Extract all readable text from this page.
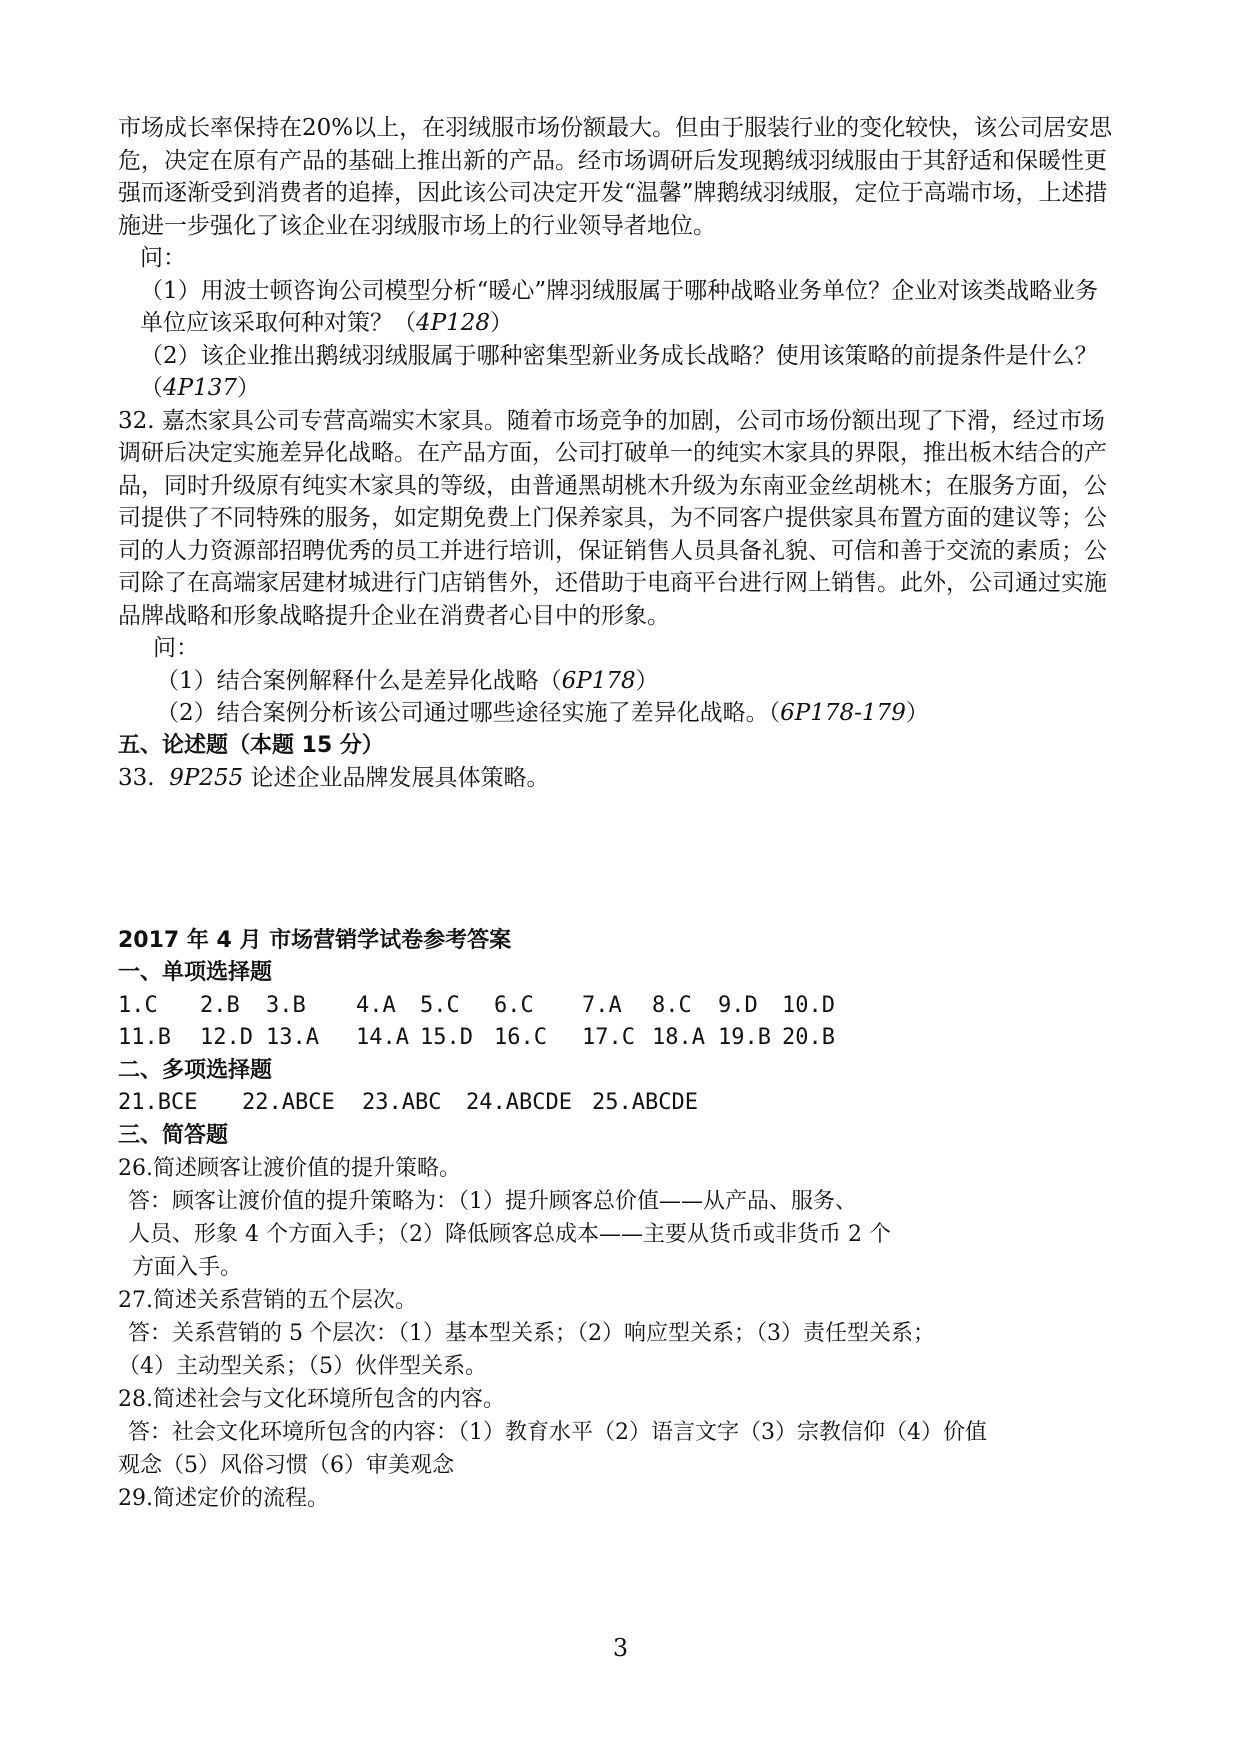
市场成长率保持在20%以上，在羽绒服市场份额最大。但由于服装行业的变化较快，该公司居安思危，决定在原有产品的基础上推出新的产品。经市场调研后发现鹅绒羽绒服由于其舒适和保暖性更强而逐渐受到消费者的追捧，因此该公司决定开发“温馨”牌鹅绒羽绒服，定位于高端市场，上述措施进一步强化了该企业在羽绒服市场上的行业领导者地位。

问：

（1）用波士顿咨询公司模型分析“暖心”牌羽绒服属于哪种战略业务单位？企业对该类战略业务单位应该采取何种对策？（4P128）

（2）该企业推出鹅绒羽绒服属于哪种密集型新业务成长战略？使用该策略的前提条件是什么？（4P137）

32. 嘉杰家具公司专营高端实木家具。随着市场竞争的加剧，公司市场份额出现了下滑，经过市场调研后决定实施差异化战略。在产品方面，公司打破单一的纯实木家具的界限，推出板木结合的产品，同时升级原有纯实木家具的等级，由普通黑胡桃木升级为东南亚金丝胡桃木；在服务方面，公司提供了不同特殊的服务，如定期免费上门保养家具，为不同客户提供家具布置方面的建议等；公司的人力资源部招聘优秀的员工并进行培训，保证销售人员具备礼貌、可信和善于交流的素质；公司除了在高端家居建材城进行门店销售外，还借助于电商平台进行网上销售。此外，公司通过实施品牌战略和形象战略提升企业在消费者心目中的形象。

问：

（1）结合案例解释什么是差异化战略（6P178）

（2）结合案例分析该公司通过哪些途径实施了差异化战略。（6P178-179）

五、论述题（本题 15 分）

33. 9P255 论述企业品牌发展具体策略。

2017 年 4 月 市场营销学试卷参考答案

一、单项选择题

1.C	2.B	3.B	4.A	5.C	6.C	7.A	8.C	9.D	10.D
11.B	12.D 13.A	14.A 15.D 16.C	17.C 18.A 19.B 20.B

二、多项选择题

21.BCE	22.ABCE	23.ABC	24.ABCDE 25.ABCDE

三、简答题

26.简述顾客让渡价值的提升策略。

答：顾客让渡价值的提升策略为：（1）提升顾客总价值——从产品、服务、

人员、形象 4 个方面入手；（2）降低顾客总成本——主要从货币或非货币 2 个

方面入手。

27.简述关系营销的五个层次。

答：关系营销的 5 个层次：（1）基本型关系；（2）响应型关系；（3）责任型关系；

（4）主动型关系；（5）伙伴型关系。

28.简述社会与文化环境所包含的内容。

答：社会文化环境所包含的内容：（1）教育水平（2）语言文字（3）宗教信仰（4）价值

观念（5）风俗习惯（6）审美观念

29.简述定价的流程。

3
